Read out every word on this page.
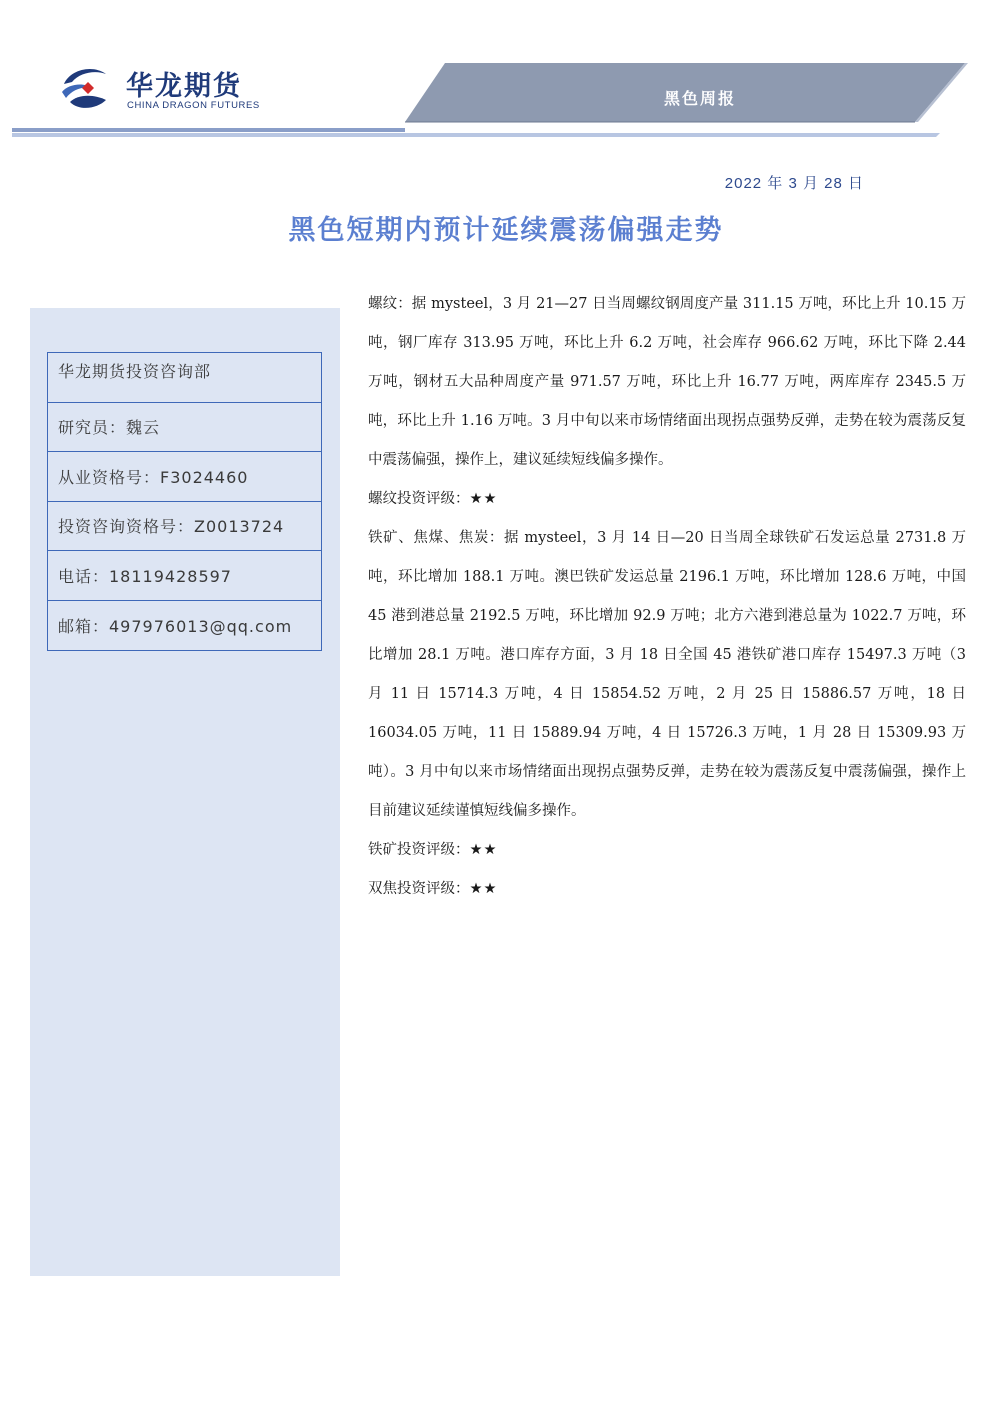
华龙期货
CHINA DRAGON FUTURES	黑色周报
2022 年 3 月 28 日
黑色短期内预计延续震荡偏强走势
华龙期货投资咨询部
研究员：魏云
从业资格号：F3024460
投资咨询资格号：Z0013724
电话：18119428597
邮箱：497976013@qq.com

螺纹：据 mysteel，3 月 21—27 日当周螺纹钢周度产量 311.15 万吨，环比上升 10.15 万吨，钢厂库存 313.95 万吨，环比上升 6.2 万吨，社会库存 966.62 万吨，环比下降 2.44 万吨，钢材五大品种周度产量 971.57 万吨，环比上升 16.77 万吨，两库库存 2345.5 万吨，环比上升 1.16 万吨。3 月中旬以来市场情绪面出现拐点强势反弹，走势在较为震荡反复中震荡偏强，操作上，建议延续短线偏多操作。

螺纹投资评级：★★

铁矿、焦煤、焦炭：据 mysteel，3 月 14 日—20 日当周全球铁矿石发运总量 2731.8 万吨，环比增加 188.1 万吨。澳巴铁矿发运总量 2196.1 万吨，环比增加 128.6 万吨，中国 45 港到港总量 2192.5 万吨，环比增加 92.9 万吨；北方六港到港总量为 1022.7 万吨，环比增加 28.1 万吨。港口库存方面，3 月 18 日全国 45 港铁矿港口库存 15497.3 万吨（3 月 11 日 15714.3 万吨，4 日 15854.52 万吨，2 月 25 日 15886.57 万吨，18 日 16034.05 万吨，11 日 15889.94 万吨，4 日 15726.3 万吨，1 月 28 日 15309.93 万吨）。3 月中旬以来市场情绪面出现拐点强势反弹，走势在较为震荡反复中震荡偏强，操作上目前建议延续谨慎短线偏多操作。

铁矿投资评级：★★

双焦投资评级：★★
